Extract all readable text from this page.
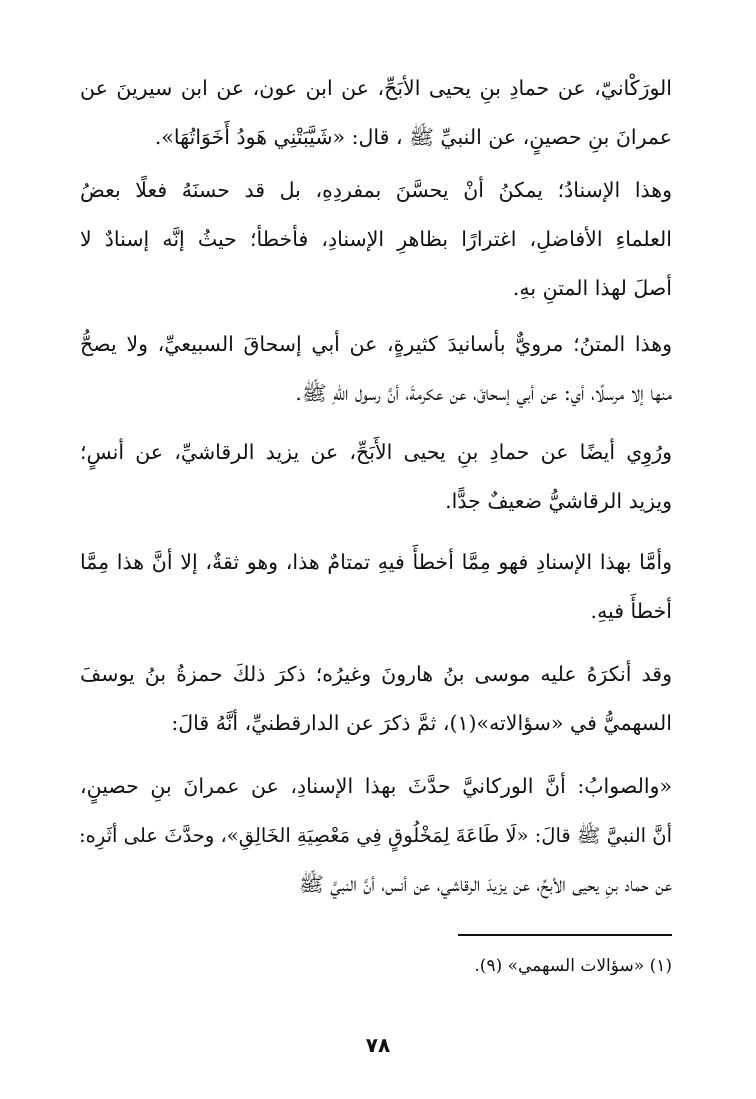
الورَكْانيّ، عن حمادِ بنِ يحيى الأبَحِّ، عن ابن عون، عن ابن سيرينَ عن
عمرانَ بنِ حصينٍ، عن النبيِّ ﷺ ، قال: «شَيَّبَتْنِي هَودُ أَخَوَاتُهَا».

وهذا الإسنادُ؛ يمكنُ أنْ يحسَّنَ بمفردِهِ، بل قد حسنَهُ فعلًا بعضُ
العلماءِ الأفاضلِ، اغترارًا بظاهرِ الإسنادِ، فأخطأ؛ حيثُ إنَّه إسنادٌ لا
أصلَ لهذا المتنِ بهِ.

وهذا المتنُ؛ مرويٌّ بأسانيدَ كثيرةٍ، عن أبي إسحاقَ السبيعيِّ، ولا يصحُّ
منها إلا مرسلًا، أي: عن أبي إسحاقَ، عن عكرمةَ، أنَّ رسول اللّهِ ﷺ.

ورُوِي أيضًا عن حمادِ بنِ يحيى الأَبَحِّ، عن يزيد الرقاشيِّ، عن أنسٍ؛
ويزيد الرقاشيُّ ضعيفٌ جدًّا.

وأمَّا بهذا الإسنادِ فهو مِمَّا أخطأَ فيهِ تمتامٌ هذا، وهو ثقةٌ، إلا أنَّ هذا مِمَّا
أخطأَ فيهِ.

وقد أنكرَهُ عليه موسى بنُ هارونَ وغيرُه؛ ذكرَ ذلكَ حمزةُ بنُ يوسفَ
السهميُّ في «سؤالاته»(١)، ثمَّ ذكرَ عن الدارقطنيِّ، أنَّهُ قالَ:

«والصوابُ: أنَّ الوركانيَّ حدَّثَ بهذا الإسنادِ، عن عمرانَ بنِ حصينٍ،
أنَّ النبيَّ ﷺ قالَ: «لَا طَاعَةَ لِمَخْلُوقٍ فِي مَعْصِيَةِ الخَالِقِ»، وحدَّثَ على أثَرِه:
عن حماد بنِ يحيى الأبحِّ، عن يزيدَ الرقاشي، عن أنس، أنَّ النبيَّ ﷺ

(١) «سؤالات السهمي» (٩).
٧٨
